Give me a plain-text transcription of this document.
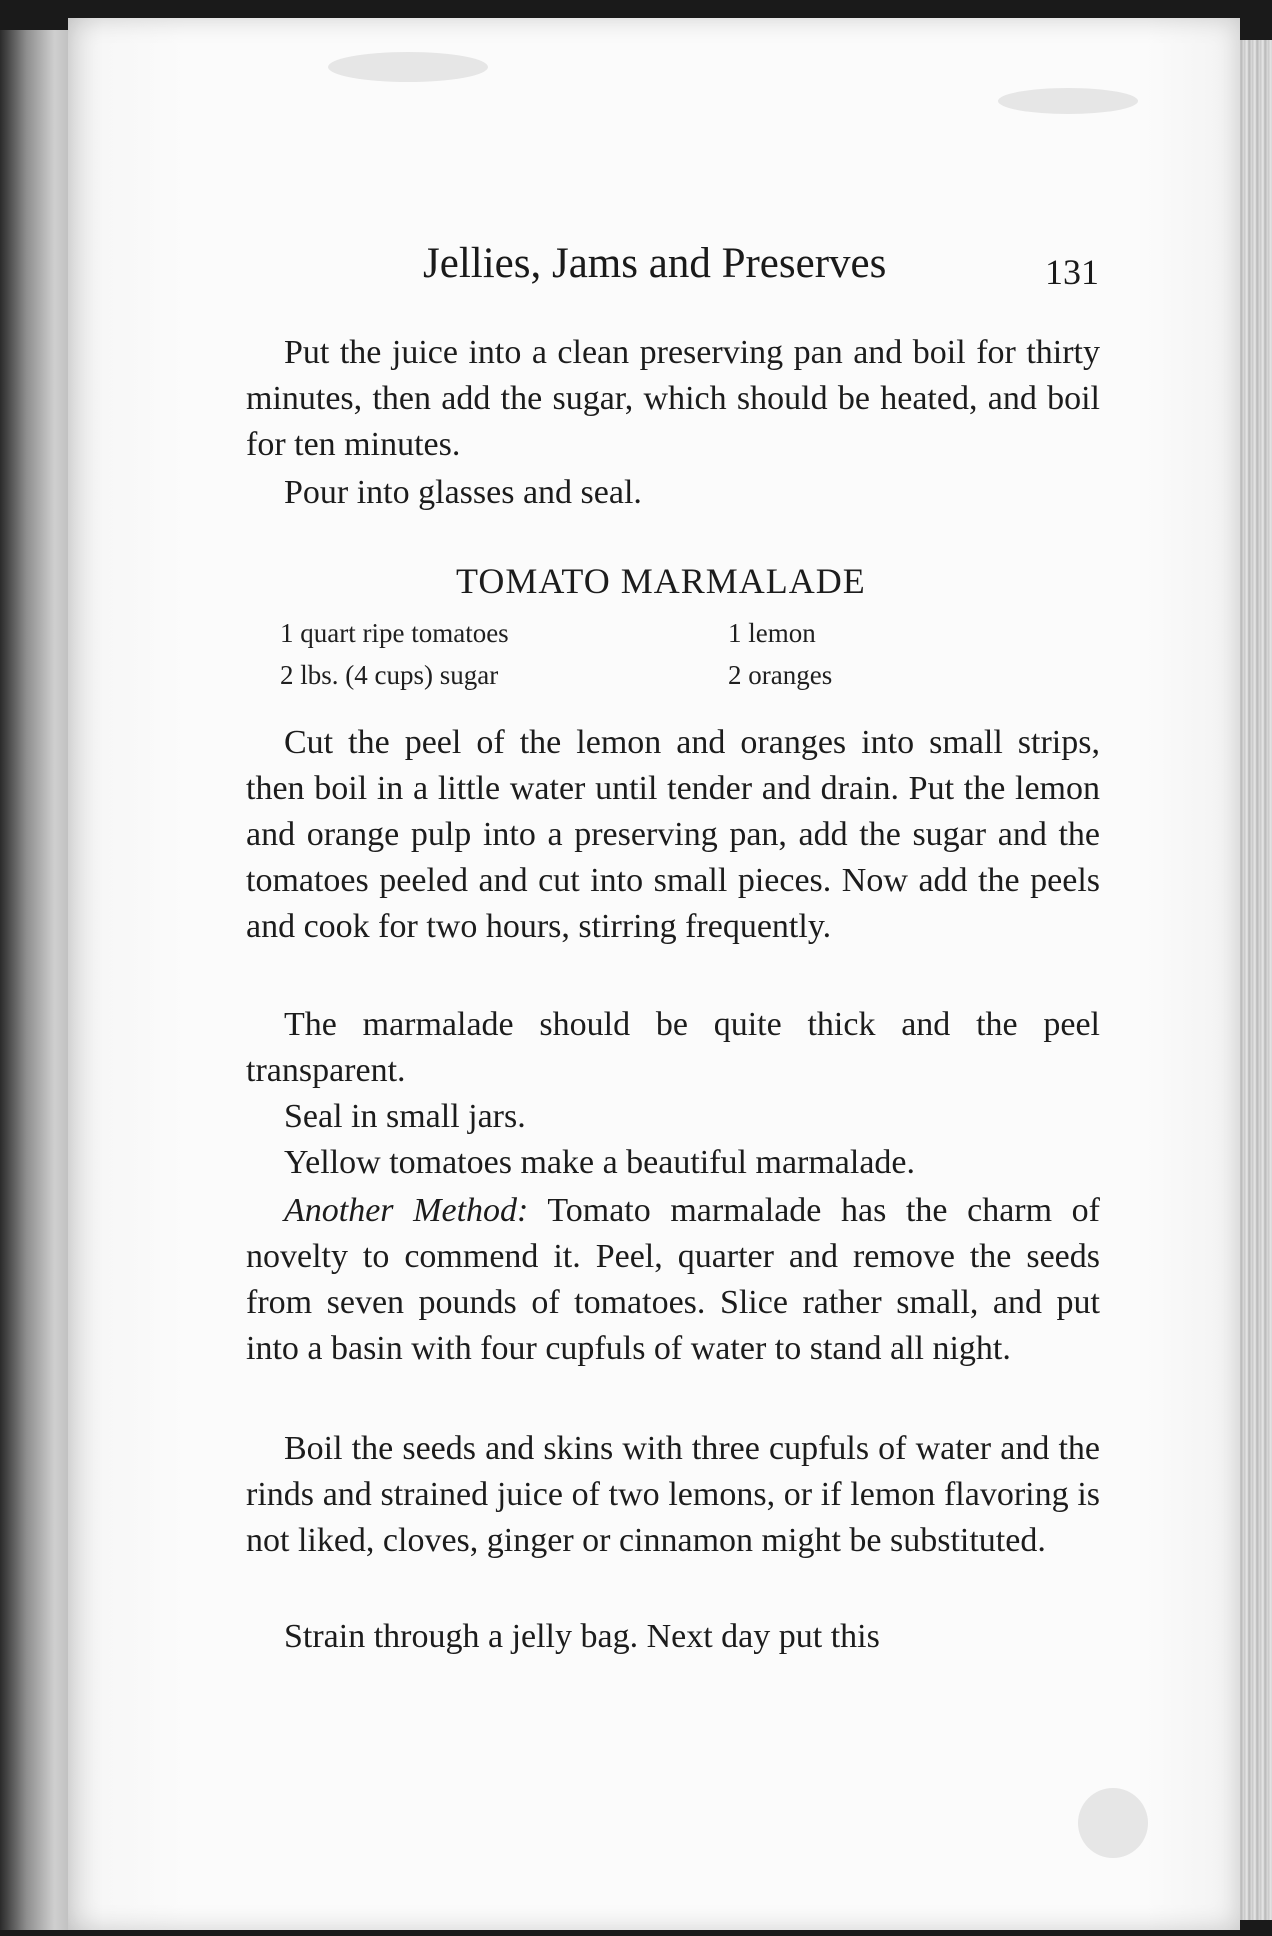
Jellies, Jams and Preserves	131

Put the juice into a clean preserving pan and boil for thirty minutes, then add the sugar, which should be heated, and boil for ten minutes.

Pour into glasses and seal.

TOMATO MARMALADE
1 quart ripe tomatoes
2 lbs. (4 cups) sugar
1 lemon
2 oranges

Cut the peel of the lemon and oranges into small strips, then boil in a little water until tender and drain. Put the lemon and orange pulp into a preserving pan, add the sugar and the tomatoes peeled and cut into small pieces. Now add the peels and cook for two hours, stirring frequently.

The marmalade should be quite thick and the peel transparent.

Seal in small jars.

Yellow tomatoes make a beautiful marmalade.

Another Method: Tomato marmalade has the charm of novelty to commend it. Peel, quarter and remove the seeds from seven pounds of tomatoes. Slice rather small, and put into a basin with four cupfuls of water to stand all night.

Boil the seeds and skins with three cupfuls of water and the rinds and strained juice of two lemons, or if lemon flavoring is not liked, cloves, ginger or cinnamon might be substituted.

Strain through a jelly bag. Next day put this
